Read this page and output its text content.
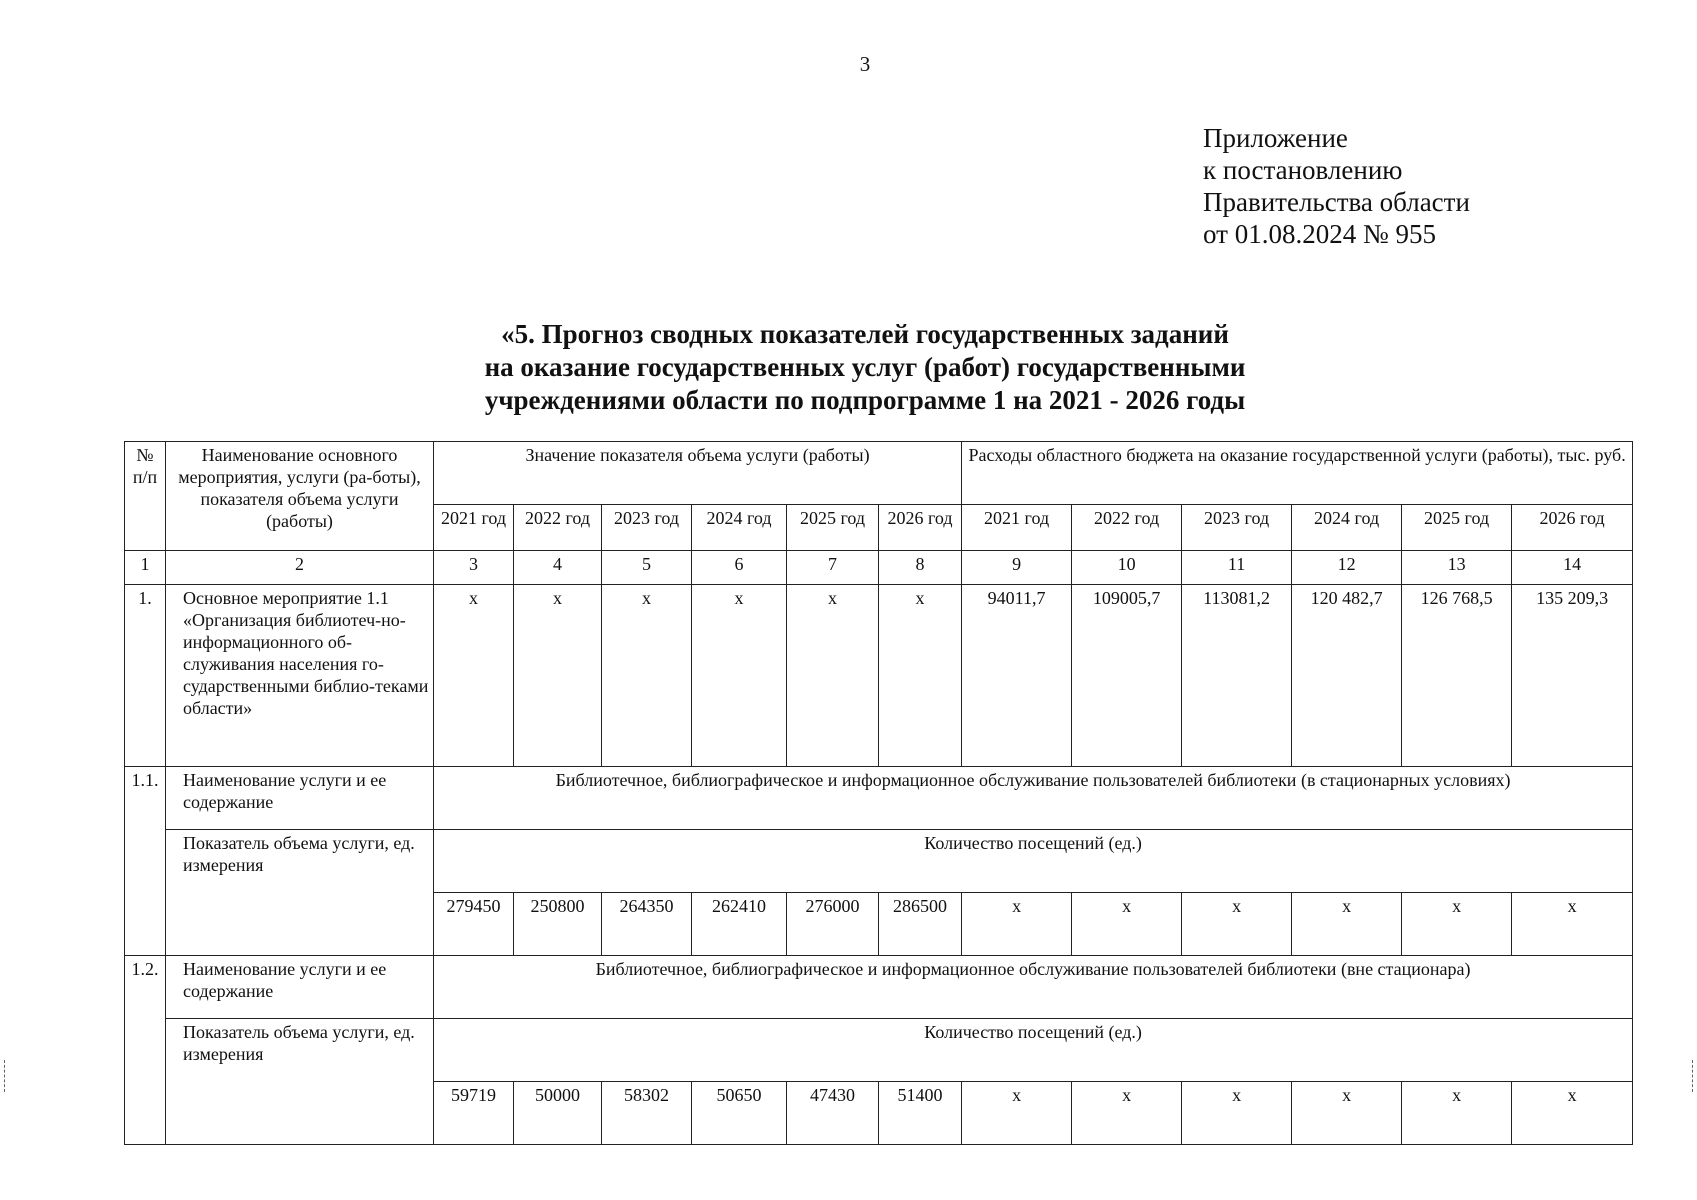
3
Приложение
к постановлению
Правительства области
от 01.08.2024 № 955
«5. Прогноз сводных показателей государственных заданий
на оказание государственных услуг (работ) государственными
учреждениями области по подпрограмме 1 на 2021 - 2026 годы
№ п/п	Наименование основного мероприятия, услуги (ра-боты), показателя объема услуги (работы)	Значение показателя объема услуги (работы)						Расходы областного бюджета на оказание государственной услуги (работы), тыс. руб.					
		2021 год	2022 год	2023 год	2024 год	2025 год	2026 год	2021 год	2022 год	2023 год	2024 год	2025 год	2026 год
1	2	3	4	5	6	7	8	9	10	11	12	13	14
1.	Основное мероприятие 1.1 «Организация библиотеч-но-информационного об-служивания населения го-сударственными библио-теками области»	x	x	x	x	x	x	94011,7	109005,7	113081,2	120 482,7	126 768,5	135 209,3
1.1.	Наименование услуги и ее содержание	Библиотечное, библиографическое и информационное обслуживание пользователей библиотеки (в стационарных условиях)											
	Показатель объема услуги, ед. измерения	Количество посещений (ед.)											
		279450	250800	264350	262410	276000	286500	x	x	x	x	x	x
1.2.	Наименование услуги и ее содержание	Библиотечное, библиографическое и информационное обслуживание пользователей библиотеки (вне стационара)											
	Показатель объема услуги, ед. измерения	Количество посещений (ед.)											
		59719	50000	58302	50650	47430	51400	x	x	x	x	x	x
